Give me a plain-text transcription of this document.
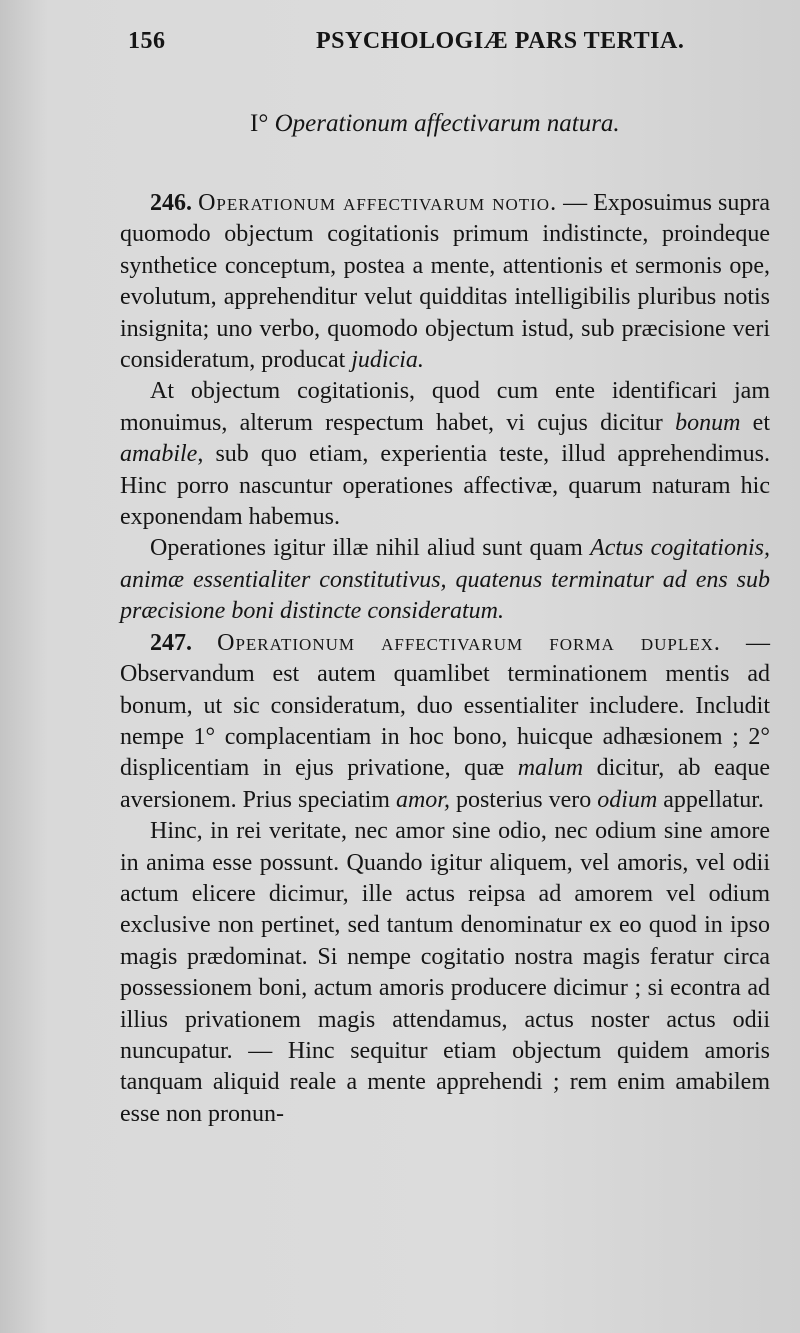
156	PSYCHOLOGIÆ PARS TERTIA.
I° Operationum affectivarum natura.

246. Operationum affectivarum notio. — Exposuimus supra quomodo objectum cogitationis primum indistincte, proindeque synthetice conceptum, postea a mente, attentionis et sermonis ope, evolutum, apprehenditur velut quidditas intelligibilis pluribus notis insignita; uno verbo, quomodo objectum istud, sub præcisione veri consideratum, producat judicia.

At objectum cogitationis, quod cum ente identificari jam monuimus, alterum respectum habet, vi cujus dicitur bonum et amabile, sub quo etiam, experientia teste, illud apprehendimus. Hinc porro nascuntur operationes affectivæ, quarum naturam hic exponendam habemus.

Operationes igitur illæ nihil aliud sunt quam Actus cogitationis, animæ essentialiter constitutivus, quatenus terminatur ad ens sub præcisione boni distincte consideratum.

247. Operationum affectivarum forma duplex. — Observandum est autem quamlibet terminationem mentis ad bonum, ut sic consideratum, duo essentialiter includere. Includit nempe 1° complacentiam in hoc bono, huicque adhæsionem ; 2° displicentiam in ejus privatione, quæ malum dicitur, ab eaque aversionem. Prius speciatim amor, posterius vero odium appellatur.

Hinc, in rei veritate, nec amor sine odio, nec odium sine amore in anima esse possunt. Quando igitur aliquem, vel amoris, vel odii actum elicere dicimur, ille actus reipsa ad amorem vel odium exclusive non pertinet, sed tantum denominatur ex eo quod in ipso magis prædominat. Si nempe cogitatio nostra magis feratur circa possessionem boni, actum amoris producere dicimur ; si econtra ad illius privationem magis attendamus, actus noster actus odii nuncupatur. — Hinc sequitur etiam objectum quidem amoris tanquam aliquid reale a mente apprehendi ; rem enim amabilem esse non pronun-
